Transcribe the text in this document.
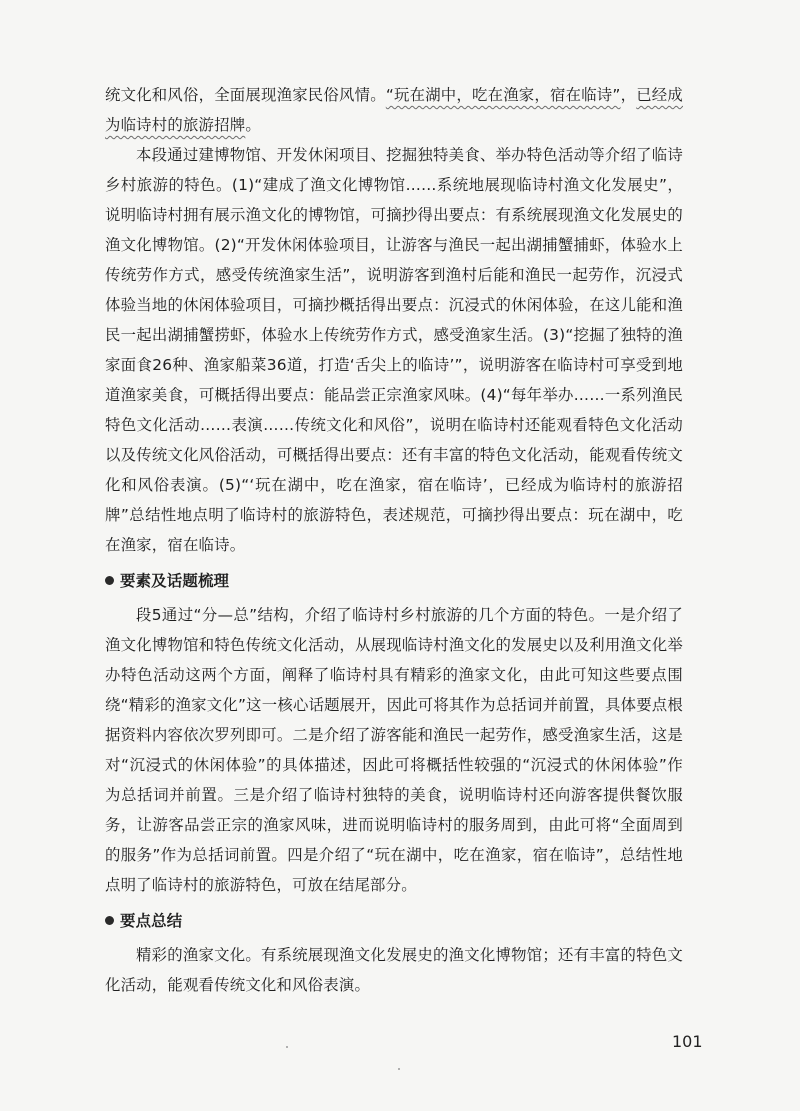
统文化和风俗，全面展现渔家民俗风情。“玩在湖中，吃在渔家，宿在临诗”，已经成为临诗村的旅游招牌。

本段通过建博物馆、开发休闲项目、挖掘独特美食、举办特色活动等介绍了临诗乡村旅游的特色。(1)“建成了渔文化博物馆……系统地展现临诗村渔文化发展史”，说明临诗村拥有展示渔文化的博物馆，可摘抄得出要点：有系统展现渔文化发展史的渔文化博物馆。(2)“开发休闲体验项目，让游客与渔民一起出湖捕蟹捕虾，体验水上传统劳作方式，感受传统渔家生活”，说明游客到渔村后能和渔民一起劳作，沉浸式体验当地的休闲体验项目，可摘抄概括得出要点：沉浸式的休闲体验，在这儿能和渔民一起出湖捕蟹捞虾，体验水上传统劳作方式，感受渔家生活。(3)“挖掘了独特的渔家面食26种、渔家船菜36道，打造‘舌尖上的临诗’”，说明游客在临诗村可享受到地道渔家美食，可概括得出要点：能品尝正宗渔家风味。(4)“每年举办……一系列渔民特色文化活动……表演……传统文化和风俗”，说明在临诗村还能观看特色文化活动以及传统文化风俗活动，可概括得出要点：还有丰富的特色文化活动，能观看传统文化和风俗表演。(5)“‘玩在湖中，吃在渔家，宿在临诗’，已经成为临诗村的旅游招牌”总结性地点明了临诗村的旅游特色，表述规范，可摘抄得出要点：玩在湖中，吃在渔家，宿在临诗。

要素及话题梳理

段5通过“分—总”结构，介绍了临诗村乡村旅游的几个方面的特色。一是介绍了渔文化博物馆和特色传统文化活动，从展现临诗村渔文化的发展史以及利用渔文化举办特色活动这两个方面，阐释了临诗村具有精彩的渔家文化，由此可知这些要点围绕“精彩的渔家文化”这一核心话题展开，因此可将其作为总括词并前置，具体要点根据资料内容依次罗列即可。二是介绍了游客能和渔民一起劳作，感受渔家生活，这是对“沉浸式的休闲体验”的具体描述，因此可将概括性较强的“沉浸式的休闲体验”作为总括词并前置。三是介绍了临诗村独特的美食，说明临诗村还向游客提供餐饮服务，让游客品尝正宗的渔家风味，进而说明临诗村的服务周到，由此可将“全面周到的服务”作为总括词前置。四是介绍了“玩在湖中，吃在渔家，宿在临诗”，总结性地点明了临诗村的旅游特色，可放在结尾部分。

要点总结

精彩的渔家文化。有系统展现渔文化发展史的渔文化博物馆；还有丰富的特色文化活动，能观看传统文化和风俗表演。

101
